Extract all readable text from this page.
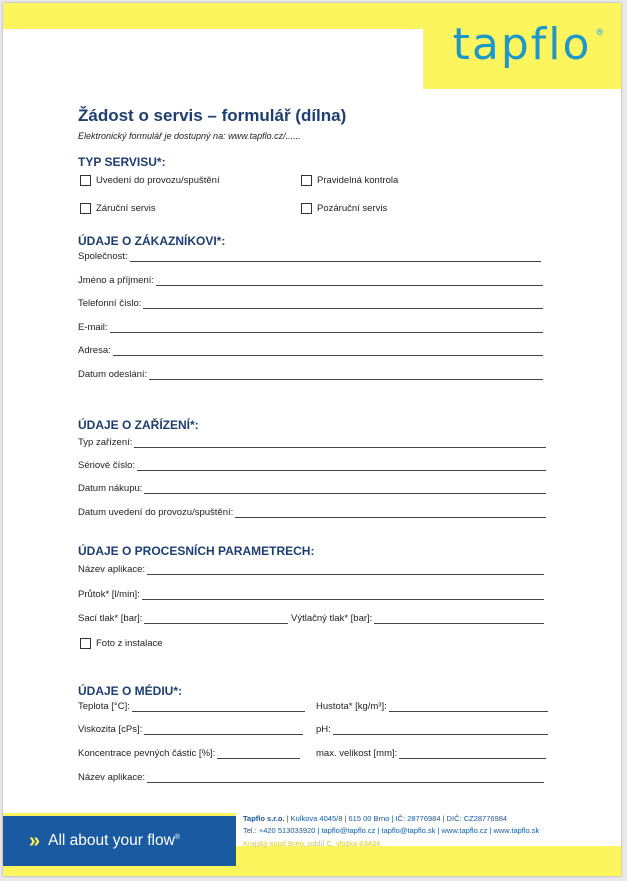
tapflo ®
Žádost o servis – formulář (dílna)
Elektronický formulář je dostupný na: www.tapflo.cz/......
TYP SERVISU*:
Uvedení do provozu/spuštění	Pravidelná kontrola
Záruční servis	Pozáruční servis
ÚDAJE O ZÁKAZNÍKOVI*:
Společnost:
Jméno a příjmení:
Telefonní číslo:
E-mail:
Adresa:
Datum odeslání:
ÚDAJE O ZAŘÍZENÍ*:
Typ zařízení:
Sériové číslo:
Datum nákupu:
Datum uvedení do provozu/spuštění:
ÚDAJE O PROCESNÍCH PARAMETRECH:
Název aplikace:
Průtok* [l/min]:
Sací tlak* [bar]:	Výtlačný tlak* [bar]:
Foto z instalace
ÚDAJE O MÉDIU*:
Teplota [°C]:	Hustota* [kg/m³]:
Viskozita [cPs]:	pH:
Koncentrace pevných částic [%]:	max. velikost [mm]:
Název aplikace:
» All about your flow®
Tapflo s.r.o. | Kulkova 4045/8 | 615 00 Brno | IČ: 28776984 | DIČ: CZ28776984
Tel.: +420 513033920 | tapflo@tapflo.cz | tapflo@tapflo.sk | www.tapflo.cz | www.tapflo.sk
Krajský soud Brno, oddíl C, vložka 63434
